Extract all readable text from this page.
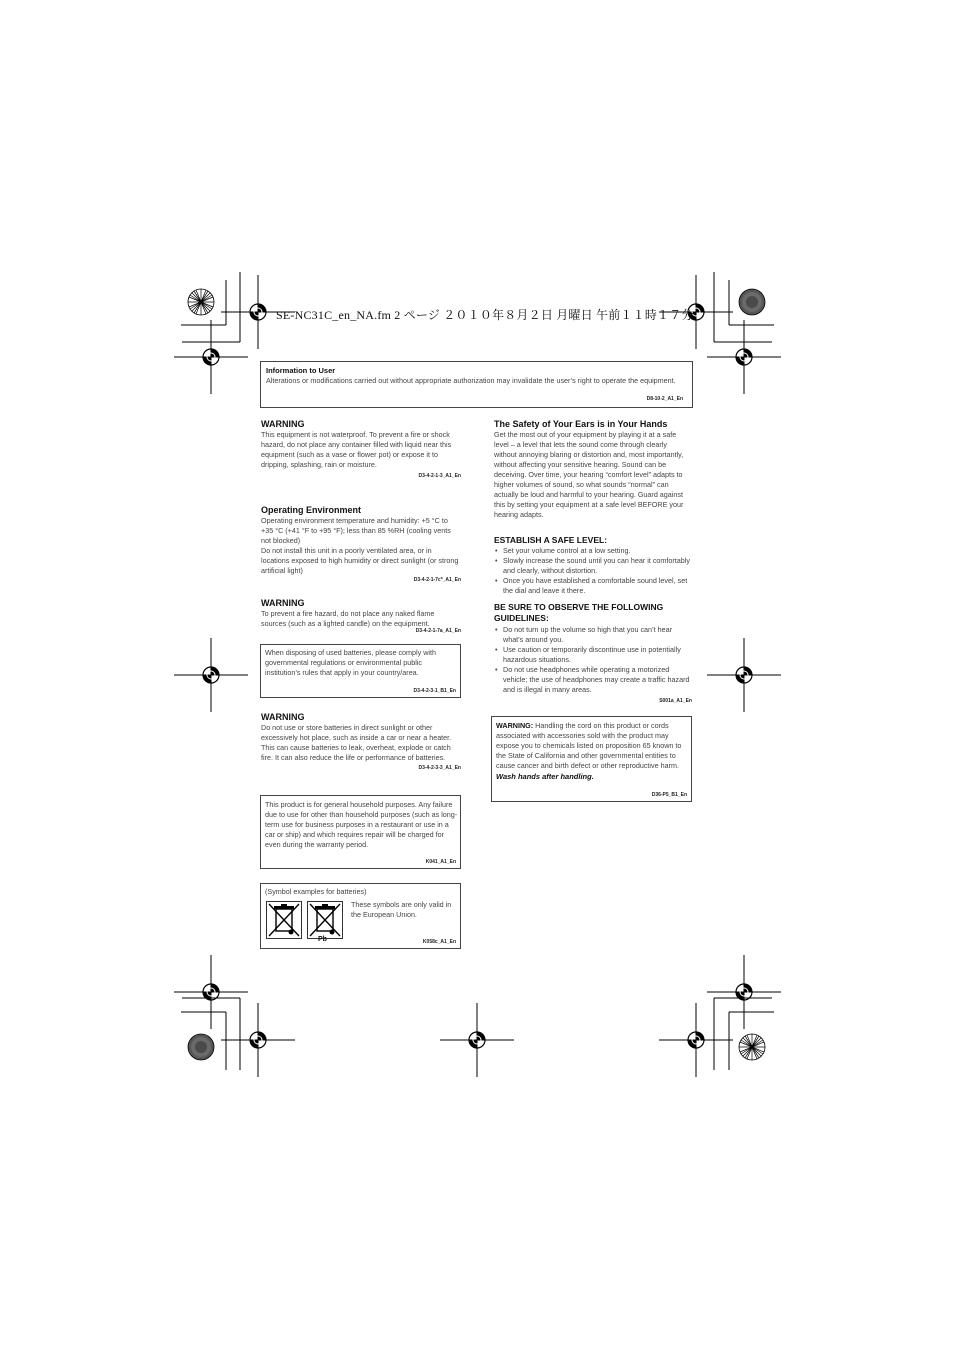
SE-NC31C_en_NA.fm 2 ページ ２０１０年８月２日 月曜日 午前１１時１７分
Information to User
Alterations or modifications carried out without appropriate authorization may invalidate the user’s right to operate the equipment.
D8-10-2_A1_En
WARNING
This equipment is not waterproof. To prevent a fire or shock hazard, do not place any container filled with liquid near this equipment (such as a vase or flower pot) or expose it to dripping, splashing, rain or moisture.
D3-4-2-1-3_A1_En
Operating Environment
Operating environment temperature and humidity: +5 °C to +35 °C (+41 °F to +95 °F); less than 85 %RH (cooling vents not blocked)
Do not install this unit in a poorly ventilated area, or in locations exposed to high humidity or direct sunlight (or strong artificial light)
D3-4-2-1-7c*_A1_En
WARNING
To prevent a fire hazard, do not place any naked flame sources (such as a lighted candle) on the equipment.
D3-4-2-1-7a_A1_En
When disposing of used batteries, please comply with governmental regulations or environmental public institution’s rules that apply in your country/area.
D3-4-2-3-1_B1_En
WARNING
Do not use or store batteries in direct sunlight or other excessively hot place, such as inside a car or near a heater. This can cause batteries to leak, overheat, explode or catch fire. It can also reduce the life or performance of batteries.
D3-4-2-3-3_A1_En
This product is for general household purposes. Any failure due to use for other than household purposes (such as long-term use for business purposes in a restaurant or use in a car or ship) and which requires repair will be charged for even during the warranty period.
K041_A1_En
(Symbol examples for batteries)
These symbols are only valid in the European Union.
Pb	K058c_A1_En
The Safety of Your Ears is in Your Hands
Get the most out of your equipment by playing it at a safe level – a level that lets the sound come through clearly without annoying blaring or distortion and, most importantly, without affecting your sensitive hearing. Sound can be deceiving. Over time, your hearing “comfort level” adapts to higher volumes of sound, so what sounds “normal” can actually be loud and harmful to your hearing. Guard against this by setting your equipment at a safe level BEFORE your hearing adapts.
ESTABLISH A SAFE LEVEL:
• Set your volume control at a low setting.
• Slowly increase the sound until you can hear it comfortably and clearly, without distortion.
• Once you have established a comfortable sound level, set the dial and leave it there.
BE SURE TO OBSERVE THE FOLLOWING GUIDELINES:
• Do not turn up the volume so high that you can’t hear what’s around you.
• Use caution or temporarily discontinue use in potentially hazardous situations.
• Do not use headphones while operating a motorized vehicle; the use of headphones may create a traffic hazard and is illegal in many areas.
S001a_A1_En
WARNING: Handling the cord on this product or cords associated with accessories sold with the product may expose you to chemicals listed on proposition 65 known to the State of California and other governmental entities to cause cancer and birth defect or other reproductive harm.
Wash hands after handling.
D36-P5_B1_En
